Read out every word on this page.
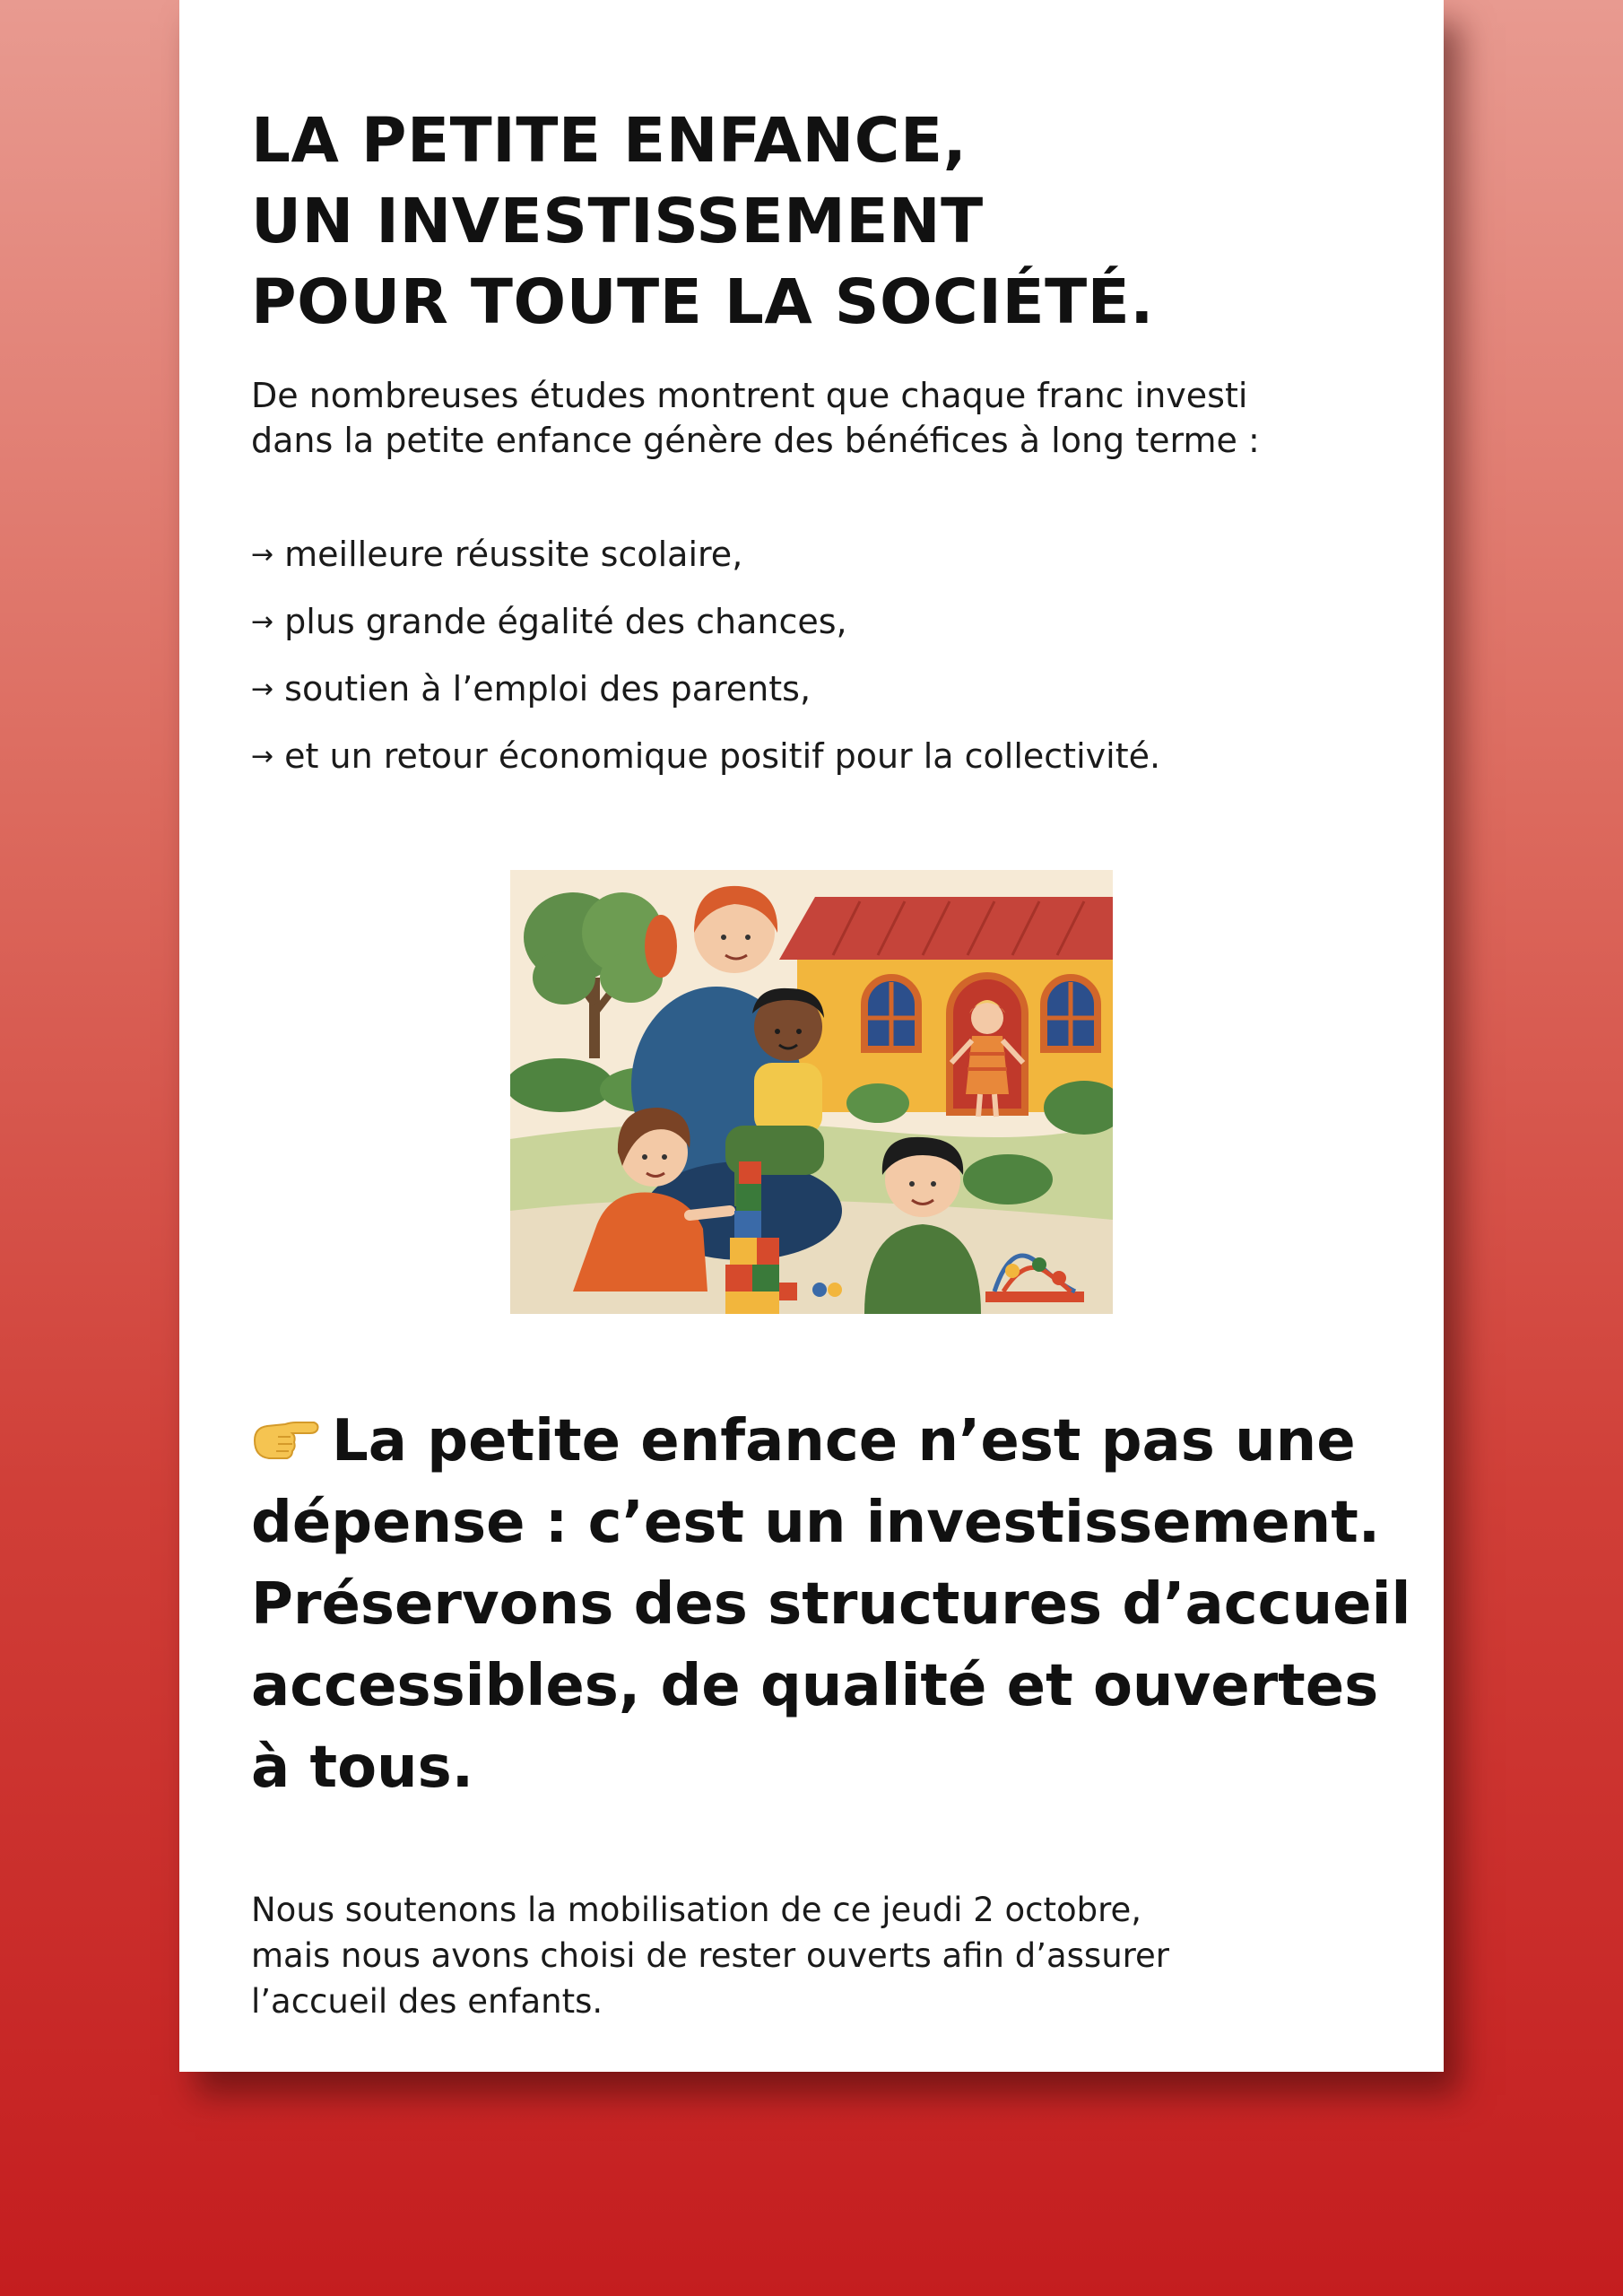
LA PETITE ENFANCE,
UN INVESTISSEMENT
POUR TOUTE LA SOCIÉTÉ.

De nombreuses études montrent que chaque franc investi
dans la petite enfance génère des bénéfices à long terme :

→ meilleure réussite scolaire,
→ plus grande égalité des chances,
→ soutien à l’emploi des parents,
→ et un retour économique positif pour la collectivité.

La petite enfance n’est pas une
dépense : c’est un investissement.
Préservons des structures d’accueil
accessibles, de qualité et ouvertes
à tous.

Nous soutenons la mobilisation de ce jeudi 2 octobre,
mais nous avons choisi de rester ouverts afin d’assurer
l’accueil des enfants.
